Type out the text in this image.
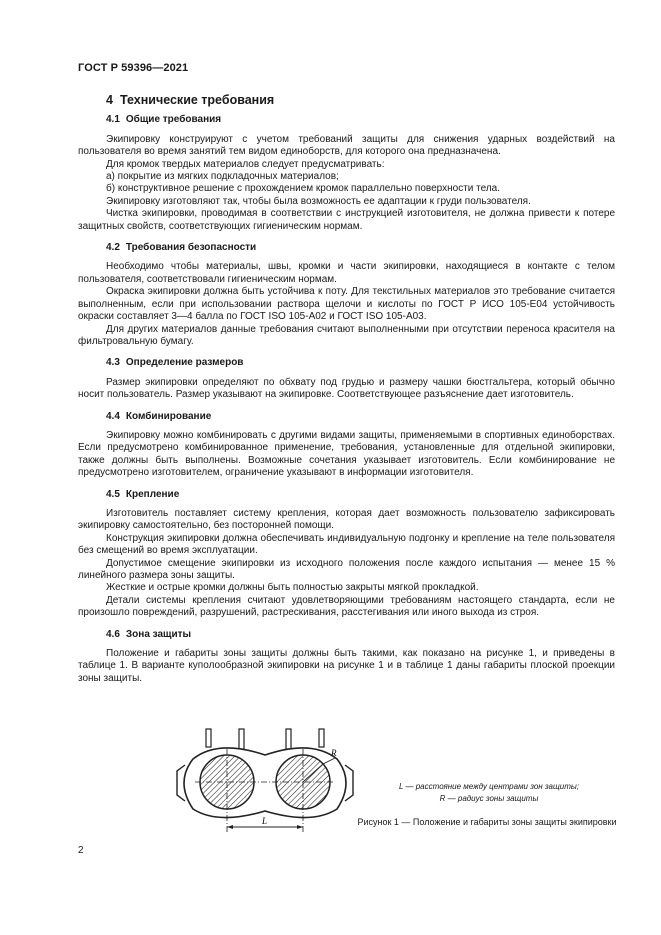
ГОСТ Р 59396—2021
4 Технические требования
4.1 Общие требования

Экипировку конструируют с учетом требований защиты для снижения ударных воздействий на пользователя во время занятий тем видом единоборств, для которого она предназначена.

Для кромок твердых материалов следует предусматривать:

а) покрытие из мягких подкладочных материалов;

б) конструктивное решение с прохождением кромок параллельно поверхности тела.

Экипировку изготовляют так, чтобы была возможность ее адаптации к груди пользователя.

Чистка экипировки, проводимая в соответствии с инструкцией изготовителя, не должна привести к потере защитных свойств, соответствующих гигиеническим нормам.

4.2 Требования безопасности

Необходимо чтобы материалы, швы, кромки и части экипировки, находящиеся в контакте с телом пользователя, соответствовали гигиеническим нормам.

Окраска экипировки должна быть устойчива к поту. Для текстильных материалов это требование считается выполненным, если при использовании раствора щелочи и кислоты по ГОСТ Р ИСО 105-Е04 устойчивость окраски составляет 3—4 балла по ГОСТ ISO 105-A02 и ГОСТ ISO 105-A03.

Для других материалов данные требования считают выполненными при отсутствии переноса красителя на фильтровальную бумагу.

4.3 Определение размеров

Размер экипировки определяют по обхвату под грудью и размеру чашки бюстгальтера, который обычно носит пользователь. Размер указывают на экипировке. Соответствующее разъяснение дает изготовитель.

4.4 Комбинирование

Экипировку можно комбинировать с другими видами защиты, применяемыми в спортивных единоборствах. Если предусмотрено комбинированное применение, требования, установленные для отдельной экипировки, также должны быть выполнены. Возможные сочетания указывает изготовитель. Если комбинирование не предусмотрено изготовителем, ограничение указывают в информации изготовителя.

4.5 Крепление

Изготовитель поставляет систему крепления, которая дает возможность пользователю зафиксировать экипировку самостоятельно, без посторонней помощи.

Конструкция экипировки должна обеспечивать индивидуальную подгонку и крепление на теле пользователя без смещений во время эксплуатации.

Допустимое смещение экипировки из исходного положения после каждого испытания — менее 15 % линейного размера зоны защиты.

Жесткие и острые кромки должны быть полностью закрыты мягкой прокладкой.

Детали системы крепления считают удовлетворяющими требованиям настоящего стандарта, если не произошло повреждений, разрушений, растрескивания, расстегивания или иного выхода из строя.

4.6 Зона защиты

Положение и габариты зоны защиты должны быть такими, как показано на рисунке 1, и приведены в таблице 1. В варианте куполообразной экипировки на рисунке 1 и в таблице 1 даны габариты плоской проекции зоны защиты.

R
L
L — расстояние между центрами зон защиты;
R — радиус зоны защиты
Рисунок 1 — Положение и габариты зоны защиты экипировки
2
